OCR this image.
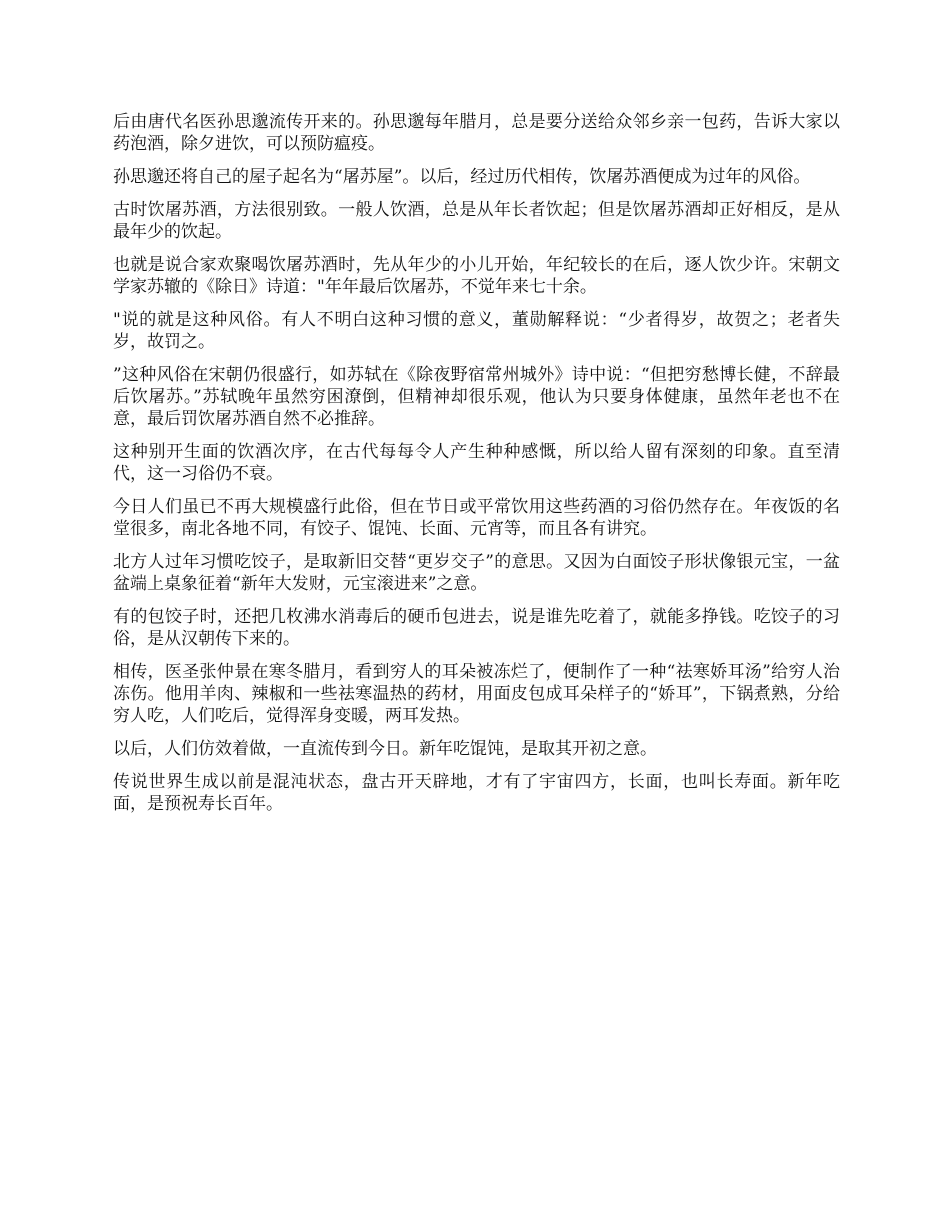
后由唐代名医孙思邈流传开来的。孙思邈每年腊月，总是要分送给众邻乡亲一包药，告诉大家以药泡酒，除夕进饮，可以预防瘟疫。

孙思邈还将自己的屋子起名为“屠苏屋”。以后，经过历代相传，饮屠苏酒便成为过年的风俗。

古时饮屠苏酒，方法很别致。一般人饮酒，总是从年长者饮起；但是饮屠苏酒却正好相反，是从最年少的饮起。

也就是说合家欢聚喝饮屠苏酒时，先从年少的小儿开始，年纪较长的在后，逐人饮少许。宋朝文学家苏辙的《除日》诗道："年年最后饮屠苏，不觉年来七十余。

"说的就是这种风俗。有人不明白这种习惯的意义，董勋解释说：“少者得岁，故贺之；老者失岁，故罚之。

”这种风俗在宋朝仍很盛行，如苏轼在《除夜野宿常州城外》诗中说：“但把穷愁博长健，不辞最后饮屠苏。”苏轼晚年虽然穷困潦倒，但精神却很乐观，他认为只要身体健康，虽然年老也不在意，最后罚饮屠苏酒自然不必推辞。

这种别开生面的饮酒次序，在古代每每令人产生种种感慨，所以给人留有深刻的印象。直至清代，这一习俗仍不衰。

今日人们虽已不再大规模盛行此俗，但在节日或平常饮用这些药酒的习俗仍然存在。年夜饭的名堂很多，南北各地不同，有饺子、馄饨、长面、元宵等，而且各有讲究。

北方人过年习惯吃饺子，是取新旧交替“更岁交子”的意思。又因为白面饺子形状像银元宝，一盆盆端上桌象征着“新年大发财，元宝滚进来”之意。

有的包饺子时，还把几枚沸水消毒后的硬币包进去，说是谁先吃着了，就能多挣钱。吃饺子的习俗，是从汉朝传下来的。

相传，医圣张仲景在寒冬腊月，看到穷人的耳朵被冻烂了，便制作了一种“祛寒娇耳汤”给穷人治冻伤。他用羊肉、辣椒和一些祛寒温热的药材，用面皮包成耳朵样子的“娇耳”，下锅煮熟，分给穷人吃，人们吃后，觉得浑身变暖，两耳发热。

以后，人们仿效着做，一直流传到今日。新年吃馄饨，是取其开初之意。

传说世界生成以前是混沌状态，盘古开天辟地，才有了宇宙四方，长面，也叫长寿面。新年吃面，是预祝寿长百年。
